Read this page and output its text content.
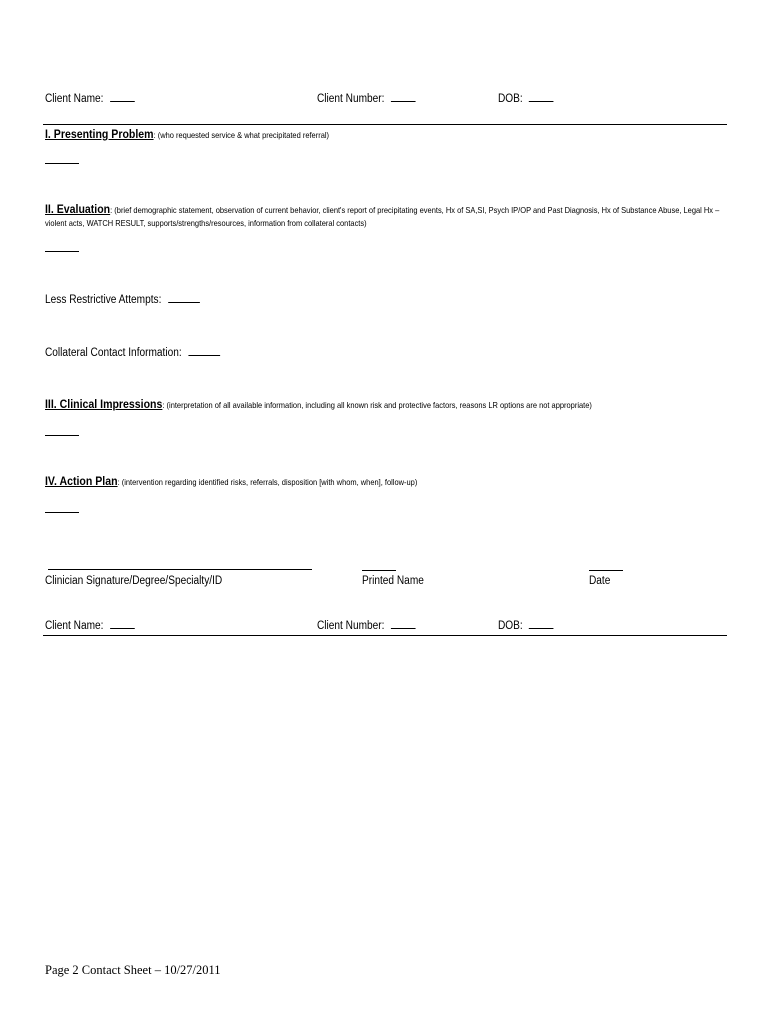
Client Name:	Client Number:	DOB:
I. Presenting Problem: (who requested service & what precipitated referral)
II. Evaluation: (brief demographic statement, observation of current behavior, client's report of precipitating events, Hx of SA,SI, Psych IP/OP and Past Diagnosis, Hx of Substance Abuse, Legal Hx – violent acts, WATCH RESULT, supports/strengths/resources, information from collateral contacts)
Less Restrictive Attempts:
Collateral Contact Information:
III. Clinical Impressions: (interpretation of all available information, including all known risk and protective factors, reasons LR options are not appropriate)
IV. Action Plan: (intervention regarding identified risks, referrals, disposition [with whom, when], follow-up)
Clinician Signature/Degree/Specialty/ID	Printed Name	Date
Client Name:	Client Number:	DOB:
Page 2 Contact Sheet – 10/27/2011
